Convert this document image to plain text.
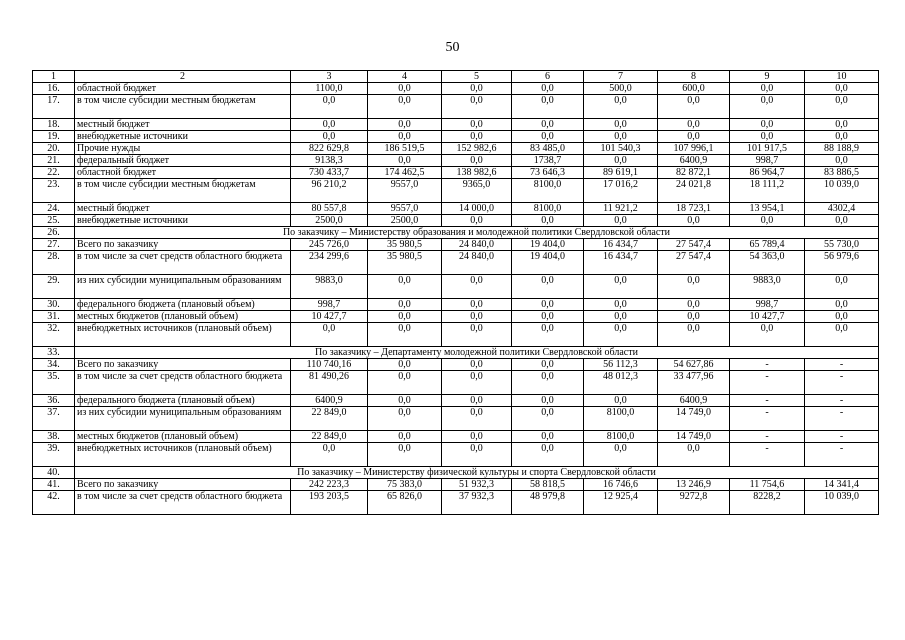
50
1	2	3	4	5	6	7	8	9	10
16.	областной бюджет	1100,0	0,0	0,0	0,0	500,0	600,0	0,0	0,0
17.	в том числе субсидии местным бюджетам	0,0	0,0	0,0	0,0	0,0	0,0	0,0	0,0
18.	местный бюджет	0,0	0,0	0,0	0,0	0,0	0,0	0,0	0,0
19.	внебюджетные источники	0,0	0,0	0,0	0,0	0,0	0,0	0,0	0,0
20.	Прочие нужды	822 629,8	186 519,5	152 982,6	83 485,0	101 540,3	107 996,1	101 917,5	88 188,9
21.	федеральный бюджет	9138,3	0,0	0,0	1738,7	0,0	6400,9	998,7	0,0
22.	областной бюджет	730 433,7	174 462,5	138 982,6	73 646,3	89 619,1	82 872,1	86 964,7	83 886,5
23.	в том числе субсидии местным бюджетам	96 210,2	9557,0	9365,0	8100,0	17 016,2	24 021,8	18 111,2	10 039,0
24.	местный бюджет	80 557,8	9557,0	14 000,0	8100,0	11 921,2	18 723,1	13 954,1	4302,4
25.	внебюджетные источники	2500,0	2500,0	0,0	0,0	0,0	0,0	0,0	0,0
26.	По заказчику – Министерству образования и молодежной политики Свердловской области								
27.	Всего по заказчику	245 726,0	35 980,5	24 840,0	19 404,0	16 434,7	27 547,4	65 789,4	55 730,0
28.	в том числе за счет средств областного бюджета	234 299,6	35 980,5	24 840,0	19 404,0	16 434,7	27 547,4	54 363,0	56 979,6
29.	из них субсидии муниципальным образованиям	9883,0	0,0	0,0	0,0	0,0	0,0	9883,0	0,0
30.	федерального бюджета (плановый объем)	998,7	0,0	0,0	0,0	0,0	0,0	998,7	0,0
31.	местных бюджетов (плановый объем)	10 427,7	0,0	0,0	0,0	0,0	0,0	10 427,7	0,0
32.	внебюджетных источников (плановый объем)	0,0	0,0	0,0	0,0	0,0	0,0	0,0	0,0
33.	По заказчику – Департаменту молодежной политики Свердловской области								
34.	Всего по заказчику	110 740,16	0,0	0,0	0,0	56 112,3	54 627,86	-	-
35.	в том числе за счет средств областного бюджета	81 490,26	0,0	0,0	0,0	48 012,3	33 477,96	-	-
36.	федерального бюджета (плановый объем)	6400,9	0,0	0,0	0,0	0,0	6400,9	-	-
37.	из них субсидии муниципальным образованиям	22 849,0	0,0	0,0	0,0	8100,0	14 749,0	-	-
38.	местных бюджетов (плановый объем)	22 849,0	0,0	0,0	0,0	8100,0	14 749,0	-	-
39.	внебюджетных источников (плановый объем)	0,0	0,0	0,0	0,0	0,0	0,0	-	-
40.	По заказчику – Министерству физической культуры и спорта Свердловской области								
41.	Всего по заказчику	242 223,3	75 383,0	51 932,3	58 818,5	16 746,6	13 246,9	11 754,6	14 341,4
42.	в том числе за счет средств областного бюджета	193 203,5	65 826,0	37 932,3	48 979,8	12 925,4	9272,8	8228,2	10 039,0
